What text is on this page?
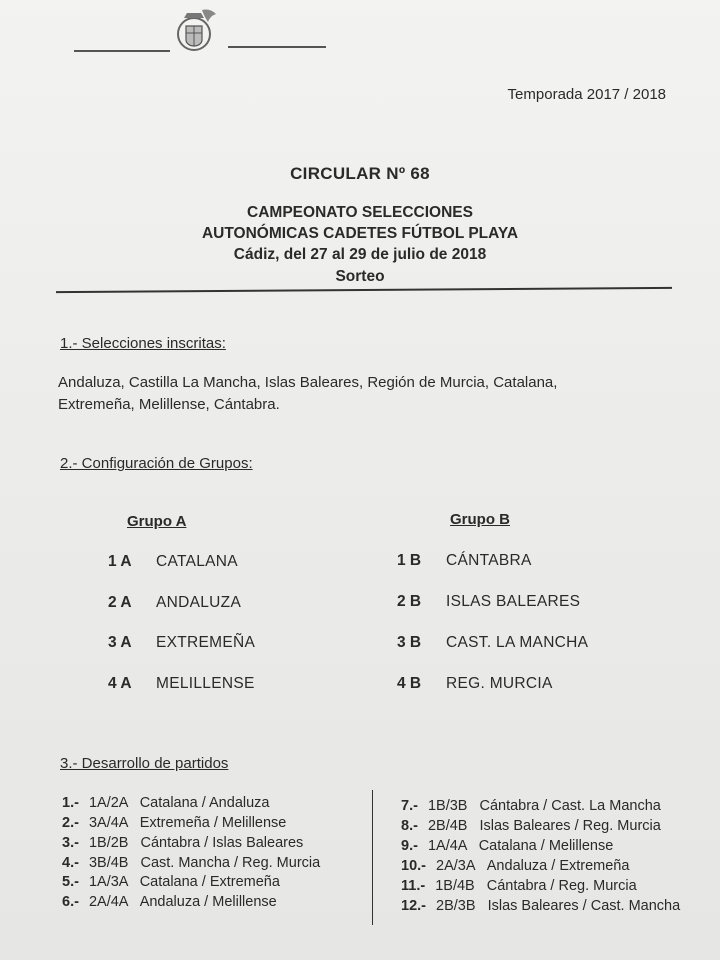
Temporada 2017 / 2018
CIRCULAR Nº 68
CAMPEONATO SELECCIONES
AUTONÓMICAS CADETES FÚTBOL PLAYA
Cádiz, del 27 al 29 de julio de 2018
Sorteo
1.- Selecciones inscritas:
Andaluza, Castilla La Mancha, Islas Baleares, Región de Murcia, Catalana,
Extremeña, Melillense, Cántabra.
2.- Configuración de Grupos:
Grupo A	Grupo B
1 A CATALANA
2 A ANDALUZA
3 A EXTREMEÑA
4 A MELILLENSE
1 B CÁNTABRA
2 B ISLAS BALEARES
3 B CAST. LA MANCHA
4 B REG. MURCIA
3.- Desarrollo de partidos
1.- 1A/2A Catalana / Andaluza
2.- 3A/4A Extremeña / Melillense
3.- 1B/2B Cántabra / Islas Baleares
4.- 3B/4B Cast. Mancha / Reg. Murcia
5.- 1A/3A Catalana / Extremeña
6.- 2A/4A Andaluza / Melillense
7.- 1B/3B Cántabra / Cast. La Mancha
8.- 2B/4B Islas Baleares / Reg. Murcia
9.- 1A/4A Catalana / Melillense
10.- 2A/3A Andaluza / Extremeña
11.- 1B/4B Cántabra / Reg. Murcia
12.- 2B/3B Islas Baleares / Cast. Mancha
